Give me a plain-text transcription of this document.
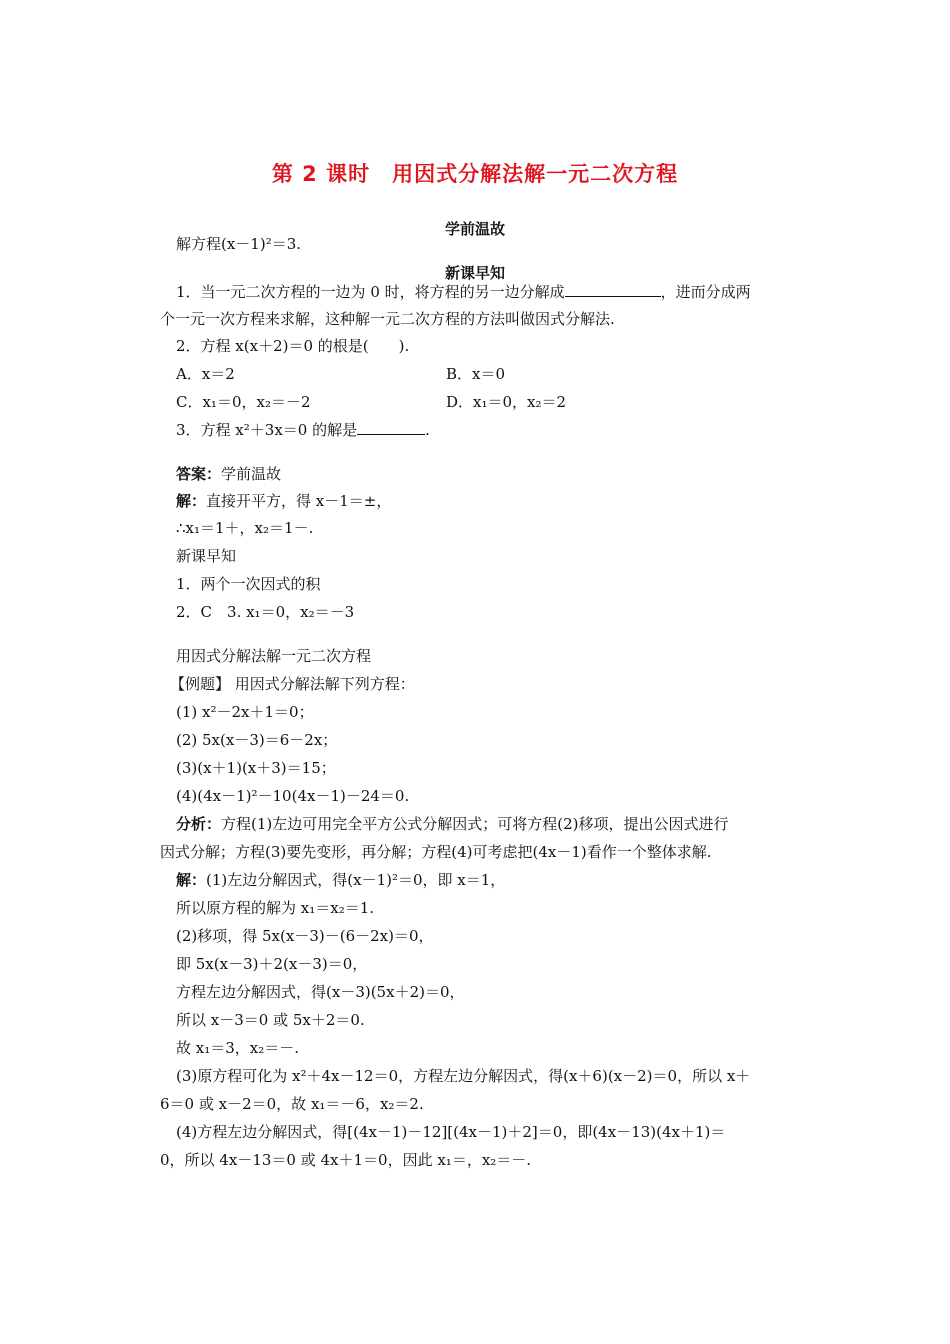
第 2 课时　用因式分解法解一元二次方程
学前温故
解方程(x－1)²＝3.
新课早知
1．当一元二次方程的一边为 0 时，将方程的另一边分解成	，进而分成两
个一元一次方程来求解，这种解一元二次方程的方法叫做因式分解法.
2．方程 x(x＋2)＝0 的根是(　　).
A．x＝2	B．x＝0
C．x₁＝0，x₂＝－2	D．x₁＝0，x₂＝2
3．方程 x²＋3x＝0 的解是	.
答案：学前温故
解：直接开平方，得 x－1＝±，
∴x₁＝1＋，x₂＝1－.
新课早知
1．两个一次因式的积
2．C　3. x₁＝0，x₂＝－3
用因式分解法解一元二次方程
【例题】 用因式分解法解下列方程：
(1) x²－2x＋1＝0；
(2) 5x(x－3)＝6－2x；
(3)(x＋1)(x＋3)＝15；
(4)(4x－1)²－10(4x－1)－24＝0.
分析：方程(1)左边可用完全平方公式分解因式；可将方程(2)移项，提出公因式进行
因式分解；方程(3)要先变形，再分解；方程(4)可考虑把(4x－1)看作一个整体求解.
解：(1)左边分解因式，得(x－1)²＝0，即 x＝1，
所以原方程的解为 x₁＝x₂＝1.
(2)移项，得 5x(x－3)－(6－2x)＝0，
即 5x(x－3)＋2(x－3)＝0，
方程左边分解因式，得(x－3)(5x＋2)＝0，
所以 x－3＝0 或 5x＋2＝0.
故 x₁＝3，x₂＝－.
(3)原方程可化为 x²＋4x－12＝0，方程左边分解因式，得(x＋6)(x－2)＝0，所以 x＋
6＝0 或 x－2＝0，故 x₁＝－6，x₂＝2.
(4)方程左边分解因式，得[(4x－1)－12][(4x－1)＋2]＝0，即(4x－13)(4x＋1)＝
0，所以 4x－13＝0 或 4x＋1＝0，因此 x₁＝，x₂＝－.
